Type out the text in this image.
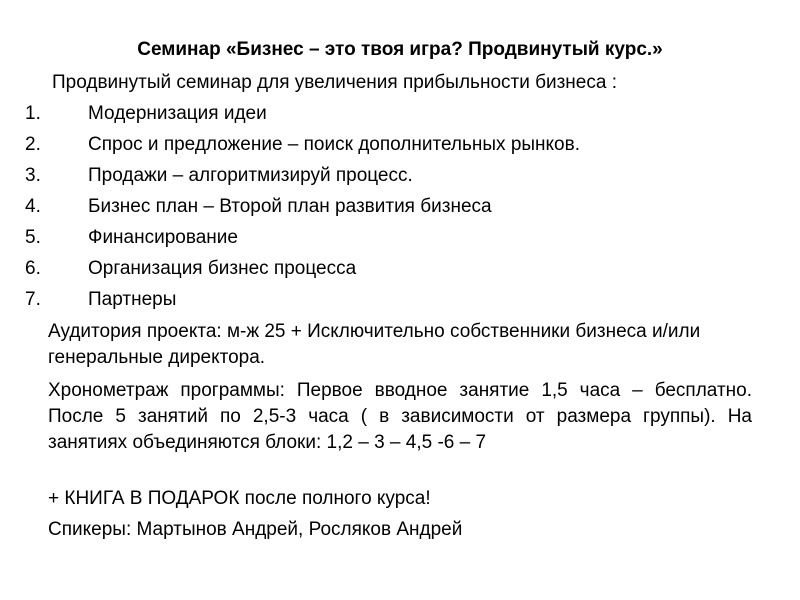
Семинар «Бизнес – это твоя игра? Продвинутый курс.»
Продвинутый семинар для увеличения прибыльности бизнеса :
1.	Модернизация идеи
2.	Спрос и предложение – поиск дополнительных рынков.
3.	Продажи – алгоритмизируй процесс.
4.	Бизнес план – Второй план развития бизнеса
5.	Финансирование
6.	Организация бизнес процесса
7.	Партнеры
Аудитория проекта: м-ж 25 + Исключительно собственники бизнеса и/или генеральные директора.
Хронометраж программы: Первое вводное занятие 1,5 часа – бесплатно. После 5 занятий по 2,5-3 часа ( в зависимости от размера группы). На занятиях объединяются блоки: 1,2 – 3 – 4,5 -6 – 7
+ КНИГА В ПОДАРОК после полного курса!
Спикеры: Мартынов Андрей, Росляков Андрей
